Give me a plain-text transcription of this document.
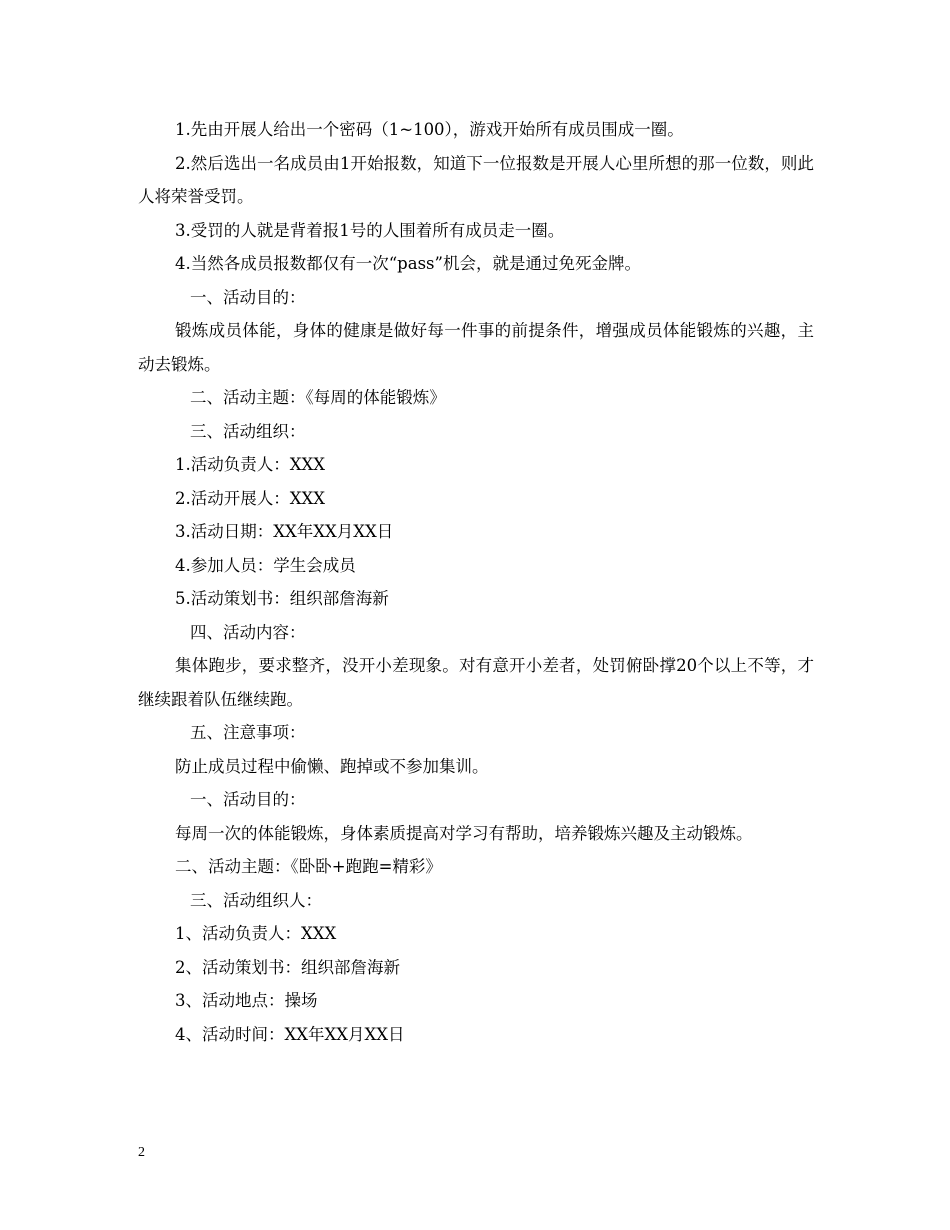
1.先由开展人给出一个密码（1~100），游戏开始所有成员围成一圈。

2.然后选出一名成员由1开始报数，知道下一位报数是开展人心里所想的那一位数，则此人将荣誉受罚。

3.受罚的人就是背着报1号的人围着所有成员走一圈。

4.当然各成员报数都仅有一次“pass”机会，就是通过免死金牌。

一、活动目的：

锻炼成员体能，身体的健康是做好每一件事的前提条件，增强成员体能锻炼的兴趣，主动去锻炼。

二、活动主题：《每周的体能锻炼》

三、活动组织：

1.活动负责人：XXX

2.活动开展人：XXX

3.活动日期：XX年XX月XX日

4.参加人员：学生会成员

5.活动策划书：组织部詹海新

四、活动内容：

集体跑步，要求整齐，没开小差现象。对有意开小差者，处罚俯卧撑20个以上不等，才继续跟着队伍继续跑。

五、注意事项：

防止成员过程中偷懒、跑掉或不参加集训。

一、活动目的：

每周一次的体能锻炼，身体素质提高对学习有帮助，培养锻炼兴趣及主动锻炼。

二、活动主题：《卧卧+跑跑=精彩》

三、活动组织人：

1、活动负责人：XXX

2、活动策划书：组织部詹海新

3、活动地点：操场

4、活动时间：XX年XX月XX日

2
